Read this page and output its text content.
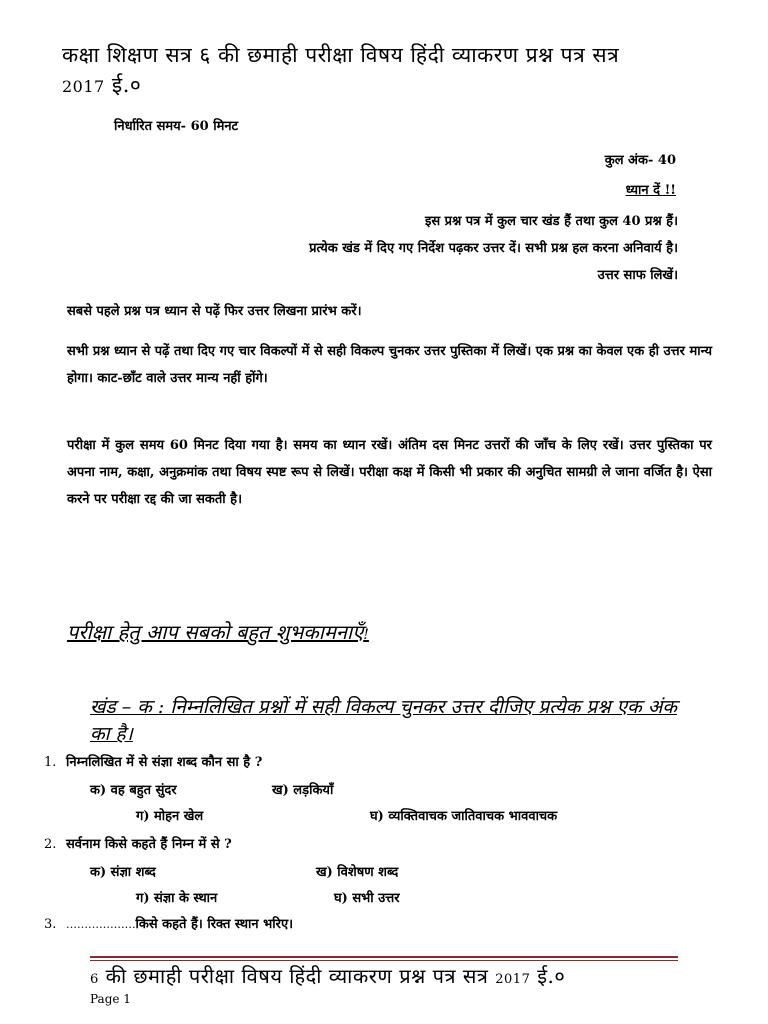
कक्षा शिक्षण सत्र ६ की छमाही परीक्षा विषय हिंदी व्याकरण प्रश्न पत्र सत्र
2017 ई.०
निर्धारित समय- 60 मिनट
कुल अंक- 40
ध्यान दें !!
इस प्रश्न पत्र में कुल चार खंड हैं तथा कुल 40 प्रश्न हैं।
प्रत्येक खंड में दिए गए निर्देश पढ़कर उत्तर दें। सभी प्रश्न हल करना अनिवार्य है।
उत्तर साफ लिखें।
सबसे पहले प्रश्न पत्र ध्यान से पढ़ें फिर उत्तर लिखना प्रारंभ करें।
सभी प्रश्न ध्यान से पढ़ें तथा दिए गए चार विकल्पों में से सही विकल्प चुनकर उत्तर पुस्तिका में लिखें। एक प्रश्न का केवल एक ही उत्तर मान्य होगा। काट-छाँट वाले उत्तर मान्य नहीं होंगे।
परीक्षा में कुल समय 60 मिनट दिया गया है। समय का ध्यान रखें। अंतिम दस मिनट उत्तरों की जाँच के लिए रखें। उत्तर पुस्तिका पर अपना नाम, कक्षा, अनुक्रमांक तथा विषय स्पष्ट रूप से लिखें। परीक्षा कक्ष में किसी भी प्रकार की अनुचित सामग्री ले जाना वर्जित है। ऐसा करने पर परीक्षा रद्द की जा सकती है।
परीक्षा हेतु आप सबको बहुत शुभकामनाएँ!
खंड – क : निम्नलिखित प्रश्नों में सही विकल्प चुनकर उत्तर दीजिए प्रत्येक प्रश्न एक अंक का है।
1. निम्नलिखित में से संज्ञा शब्द कौन सा है ?
क) वह बहुत सुंदर	ख) लड़कियाँ
ग) मोहन खेल	घ) व्यक्तिवाचक जातिवाचक भाववाचक
2. सर्वनाम किसे कहते हैं निम्न में से ?
क) संज्ञा शब्द	ख) विशेषण शब्द
ग) संज्ञा के स्थान	घ) सभी उत्तर
3. ……………….किसे कहते हैं। रिक्त स्थान भरिए।
6 की छमाही परीक्षा विषय हिंदी व्याकरण प्रश्न पत्र सत्र 2017 ई.०
Page 1
